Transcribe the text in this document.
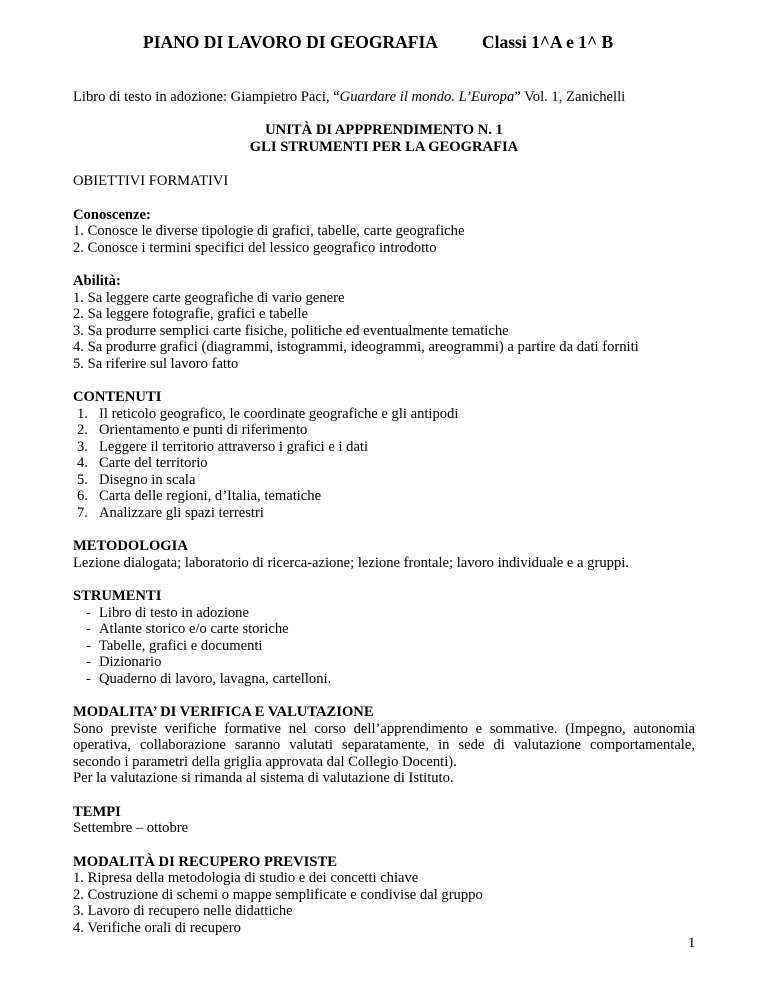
PIANO DI LAVORO DI GEOGRAFIA	Classi 1^A e 1^ B
Libro di testo in adozione: Giampietro Paci, “Guardare il mondo. L’Europa” Vol. 1, Zanichelli
UNITÀ DI APPPRENDIMENTO N. 1
GLI STRUMENTI PER LA GEOGRAFIA
OBIETTIVI FORMATIVI
Conoscenze:
1. Conosce le diverse tipologie di grafici, tabelle, carte geografiche
2. Conosce i termini specifici del lessico geografico introdotto
Abilità:
1. Sa leggere carte geografiche di vario genere
2. Sa leggere fotografie, grafici e tabelle
3. Sa produrre semplici carte fisiche, politiche ed eventualmente tematiche
4. Sa produrre grafici (diagrammi, istogrammi, ideogrammi, areogrammi) a partire da dati forniti
5. Sa riferire sul lavoro fatto
CONTENUTI
1. Il reticolo geografico, le coordinate geografiche e gli antipodi
2. Orientamento e punti di riferimento
3. Leggere il territorio attraverso i grafici e i dati
4. Carte del territorio
5. Disegno in scala
6. Carta delle regioni, d’Italia, tematiche
7. Analizzare gli spazi terrestri
METODOLOGIA
Lezione dialogata; laboratorio di ricerca-azione; lezione frontale; lavoro individuale e a gruppi.
STRUMENTI
- Libro di testo in adozione
- Atlante storico e/o carte storiche
- Tabelle, grafici e documenti
- Dizionario
- Quaderno di lavoro, lavagna, cartelloni.
MODALITA’ DI VERIFICA E VALUTAZIONE
Sono previste verifiche formative nel corso dell’apprendimento e sommative. (Impegno, autonomia operativa, collaborazione saranno valutati separatamente, in sede di valutazione comportamentale, secondo i parametri della griglia approvata dal Collegio Docenti).
Per la valutazione si rimanda al sistema di valutazione di Istituto.
TEMPI
Settembre – ottobre
MODALITÀ DI RECUPERO PREVISTE
1. Ripresa della metodologia di studio e dei concetti chiave
2. Costruzione di schemi o mappe semplificate e condivise dal gruppo
3. Lavoro di recupero nelle didattiche
4. Verifiche orali di recupero
1
